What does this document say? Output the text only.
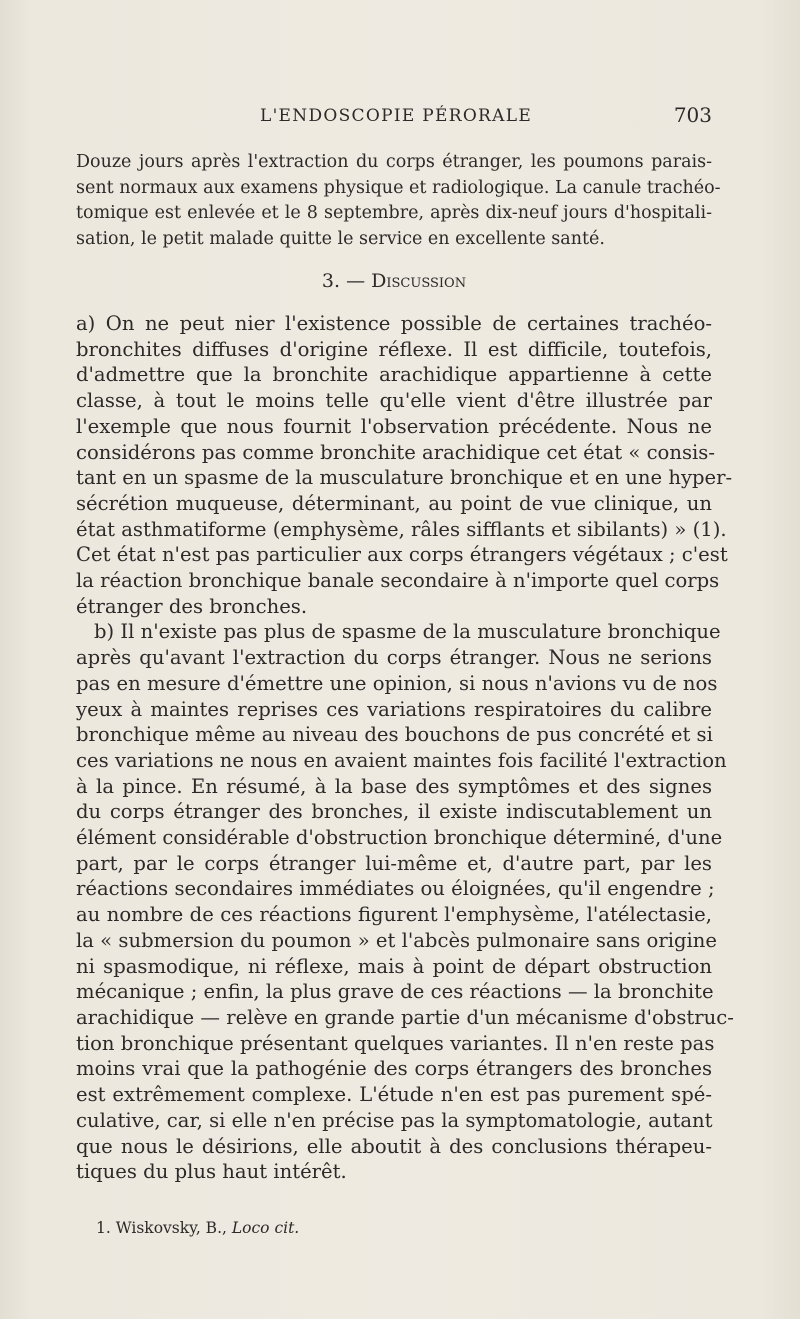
L'ENDOSCOPIE PÉRORALE	703
Douze jours après l'extraction du corps étranger, les poumons parais-
sent normaux aux examens physique et radiologique. La canule trachéo-
tomique est enlevée et le 8 septembre, après dix-neuf jours d'hospitali-
sation, le petit malade quitte le service en excellente santé.
3. — Discussion
a) On ne peut nier l'existence possible de certaines trachéo-
bronchites diffuses d'origine réflexe. Il est difficile, toutefois,
d'admettre que la bronchite arachidique appartienne à cette
classe, à tout le moins telle qu'elle vient d'être illustrée par
l'exemple que nous fournit l'observation précédente. Nous ne
considérons pas comme bronchite arachidique cet état « consis-
tant en un spasme de la musculature bronchique et en une hyper-
sécrétion muqueuse, déterminant, au point de vue clinique, un
état asthmatiforme (emphysème, râles sifflants et sibilants) » (1).
Cet état n'est pas particulier aux corps étrangers végétaux ; c'est
la réaction bronchique banale secondaire à n'importe quel corps
étranger des bronches.
b) Il n'existe pas plus de spasme de la musculature bronchique
après qu'avant l'extraction du corps étranger. Nous ne serions
pas en mesure d'émettre une opinion, si nous n'avions vu de nos
yeux à maintes reprises ces variations respiratoires du calibre
bronchique même au niveau des bouchons de pus concrété et si
ces variations ne nous en avaient maintes fois facilité l'extraction
à la pince. En résumé, à la base des symptômes et des signes
du corps étranger des bronches, il existe indiscutablement un
élément considérable d'obstruction bronchique déterminé, d'une
part, par le corps étranger lui-même et, d'autre part, par les
réactions secondaires immédiates ou éloignées, qu'il engendre ;
au nombre de ces réactions figurent l'emphysème, l'atélectasie,
la « submersion du poumon » et l'abcès pulmonaire sans origine
ni spasmodique, ni réflexe, mais à point de départ obstruction
mécanique ; enfin, la plus grave de ces réactions — la bronchite
arachidique — relève en grande partie d'un mécanisme d'obstruc-
tion bronchique présentant quelques variantes. Il n'en reste pas
moins vrai que la pathogénie des corps étrangers des bronches
est extrêmement complexe. L'étude n'en est pas purement spé-
culative, car, si elle n'en précise pas la symptomatologie, autant
que nous le désirions, elle aboutit à des conclusions thérapeu-
tiques du plus haut intérêt.
1. Wiskovsky, B., Loco cit.
